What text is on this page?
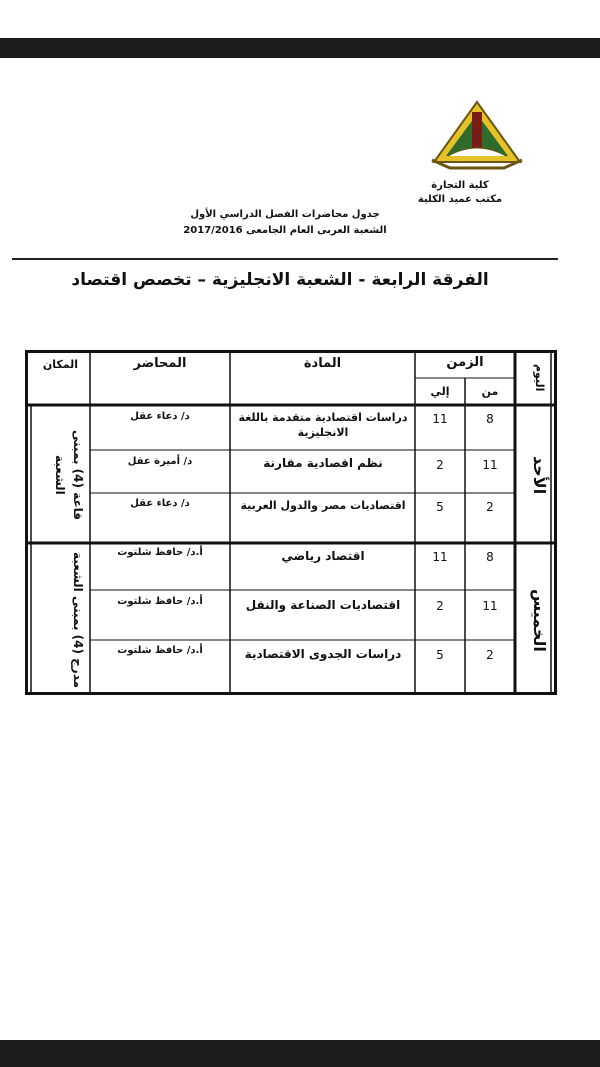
كلية التجارة
مكتب عميد الكلية
جدول محاضرات الفصل الدراسي الأول
الشعبة العربى العام الجامعى 2017/2016
الفرقة الرابعة - الشعبة الانجليزية – تخصص اقتصاد
اليوم
الزمن
من
إلي
المادة
المحاضر
المكان
الأحد
قاعة (4) بمبنى الشعبة
8
11
دراسات اقتصادية متقدمة باللغة الانجليزية
د/ دعاء عقل
11
2
نظم اقصادية مقارنة
د/ أميرة عقل
2
5
اقتصاديات مصر والدول العربية
د/ دعاء عقل
الخميس
مدرج (4) بمبنى الشعبة
8
11
اقتصاد رياضي
أ.د/ حافظ شلتوت
11
2
اقتصاديات الصناعة والنقل
أ.د/ حافظ شلتوت
2
5
دراسات الجدوى الاقتصادية
أ.د/ حافظ شلتوت
